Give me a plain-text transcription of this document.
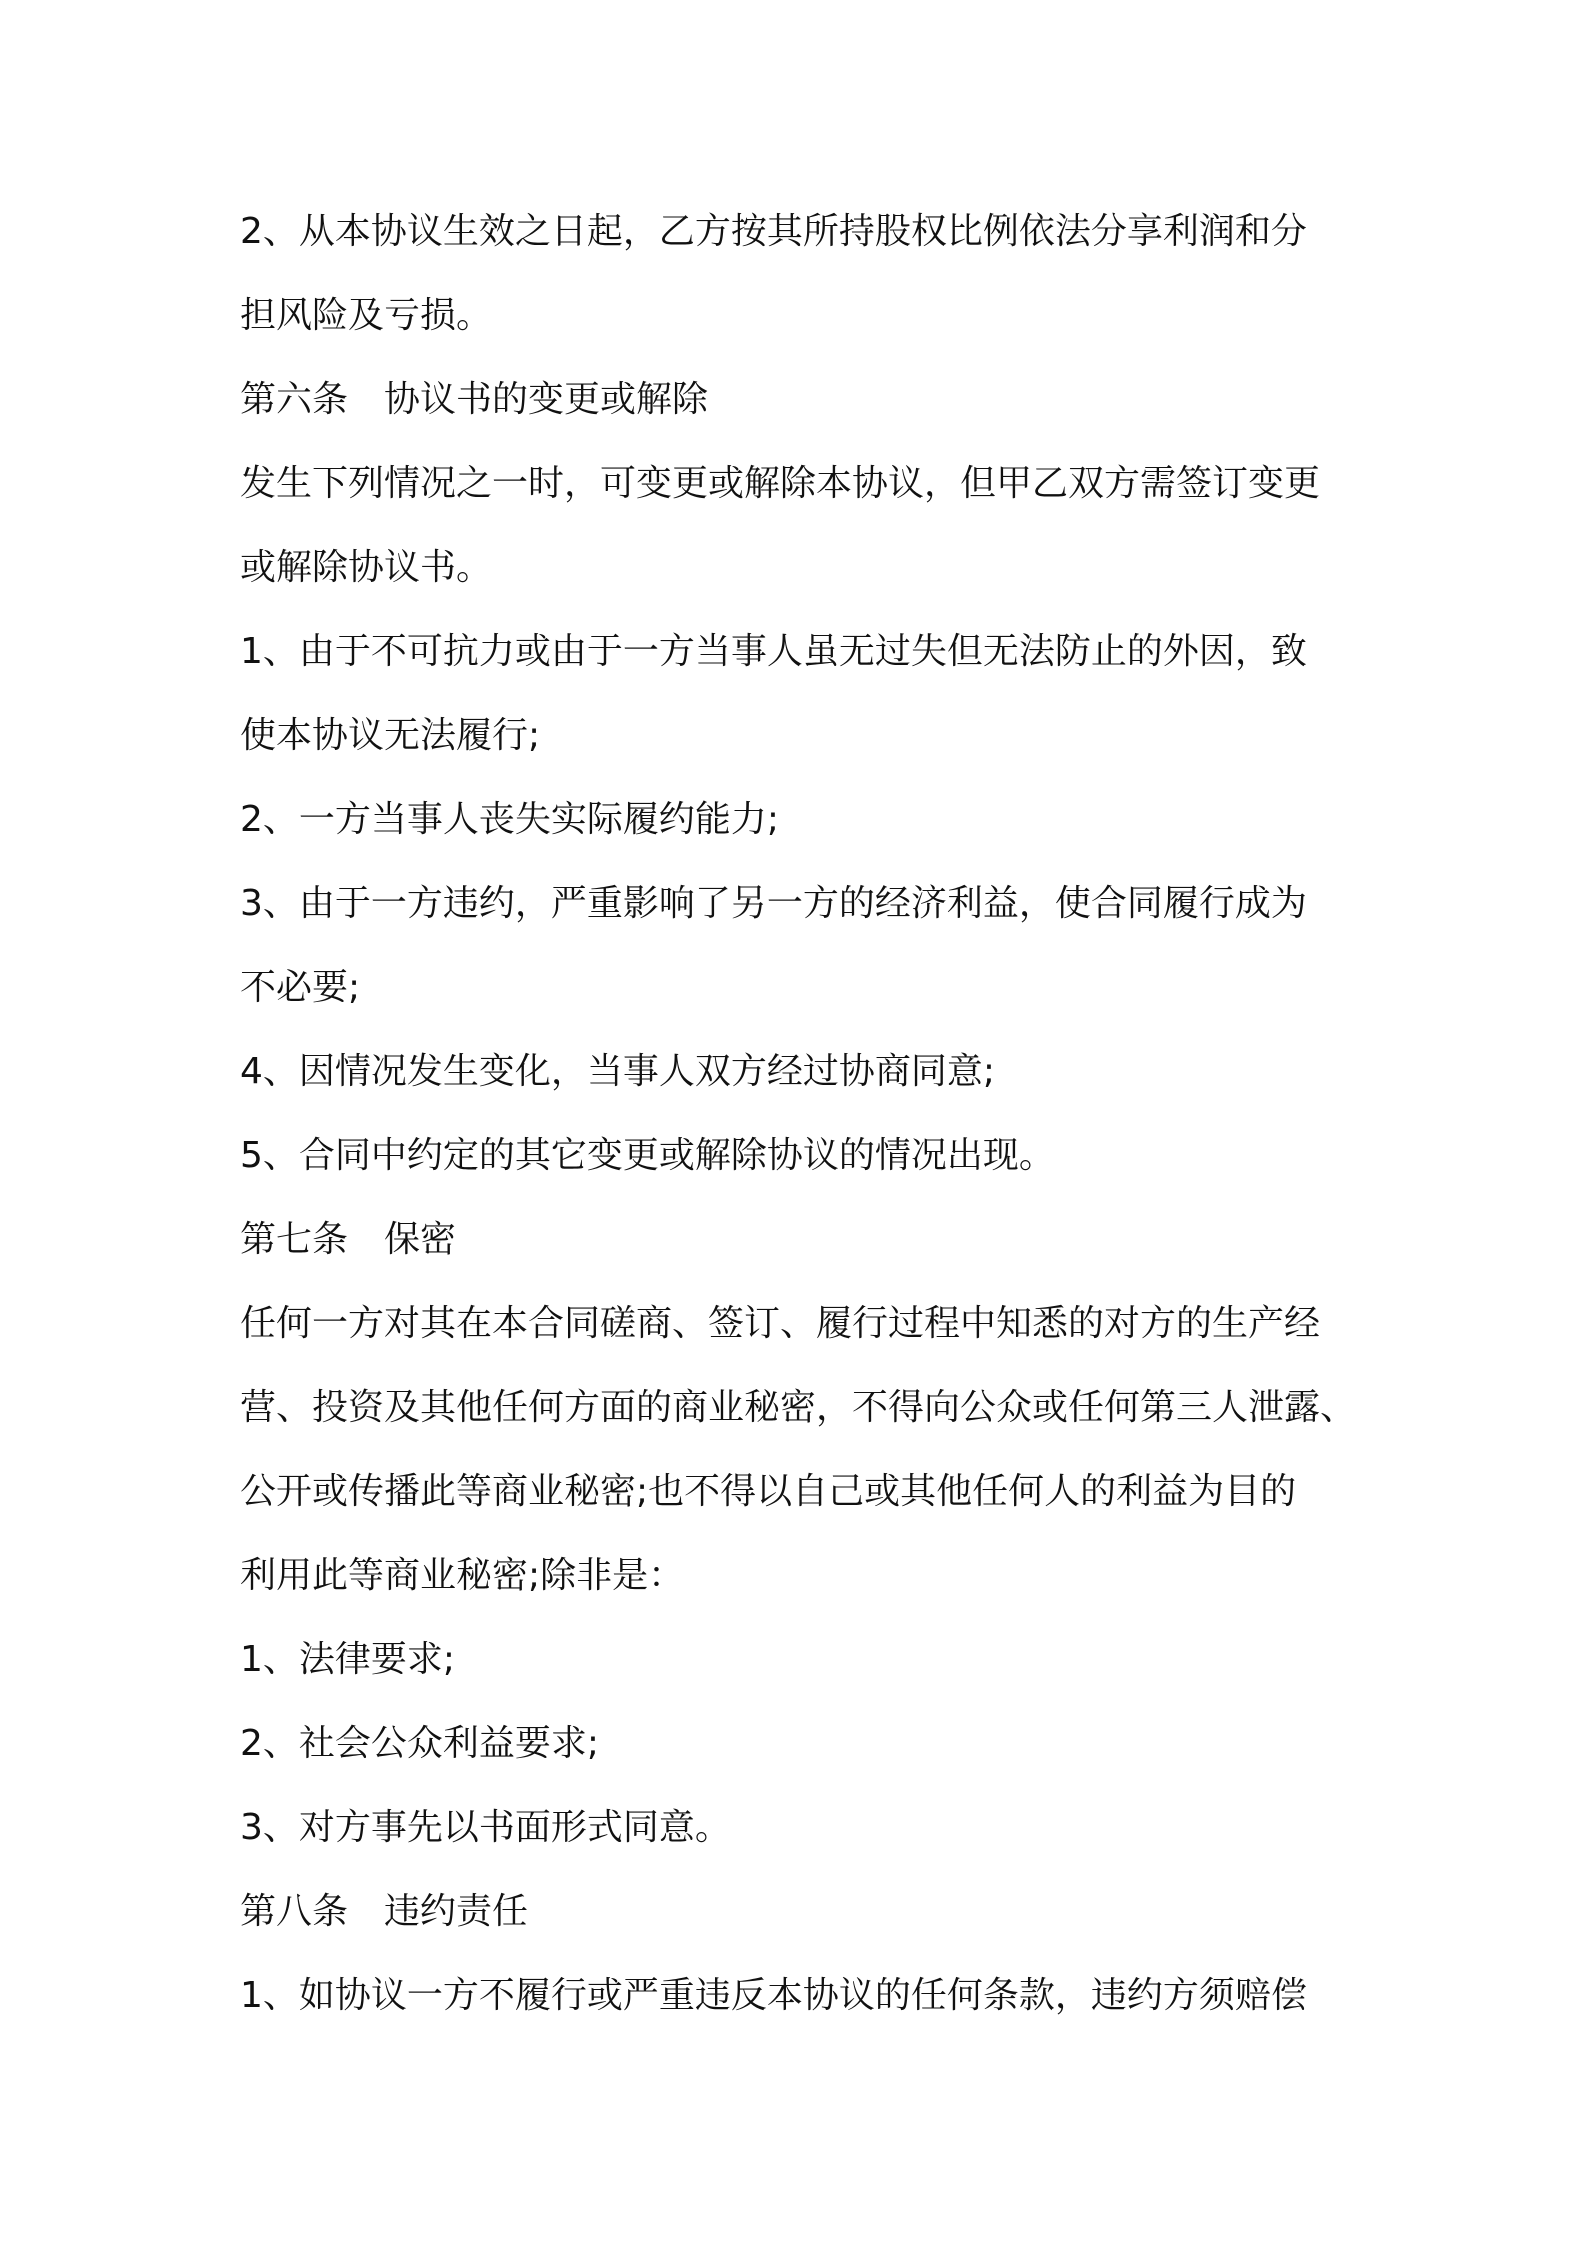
2、从本协议生效之日起，乙方按其所持股权比例依法分享利润和分
担风险及亏损。
第六条　协议书的变更或解除
发生下列情况之一时，可变更或解除本协议，但甲乙双方需签订变更
或解除协议书。
1、由于不可抗力或由于一方当事人虽无过失但无法防止的外因，致
使本协议无法履行;
2、一方当事人丧失实际履约能力;
3、由于一方违约，严重影响了另一方的经济利益，使合同履行成为
不必要;
4、因情况发生变化，当事人双方经过协商同意;
5、合同中约定的其它变更或解除协议的情况出现。
第七条　保密
任何一方对其在本合同磋商、签订、履行过程中知悉的对方的生产经
营、投资及其他任何方面的商业秘密，不得向公众或任何第三人泄露、
公开或传播此等商业秘密;也不得以自己或其他任何人的利益为目的
利用此等商业秘密;除非是：
1、法律要求;
2、社会公众利益要求;
3、对方事先以书面形式同意。
第八条　违约责任
1、如协议一方不履行或严重违反本协议的任何条款，违约方须赔偿
